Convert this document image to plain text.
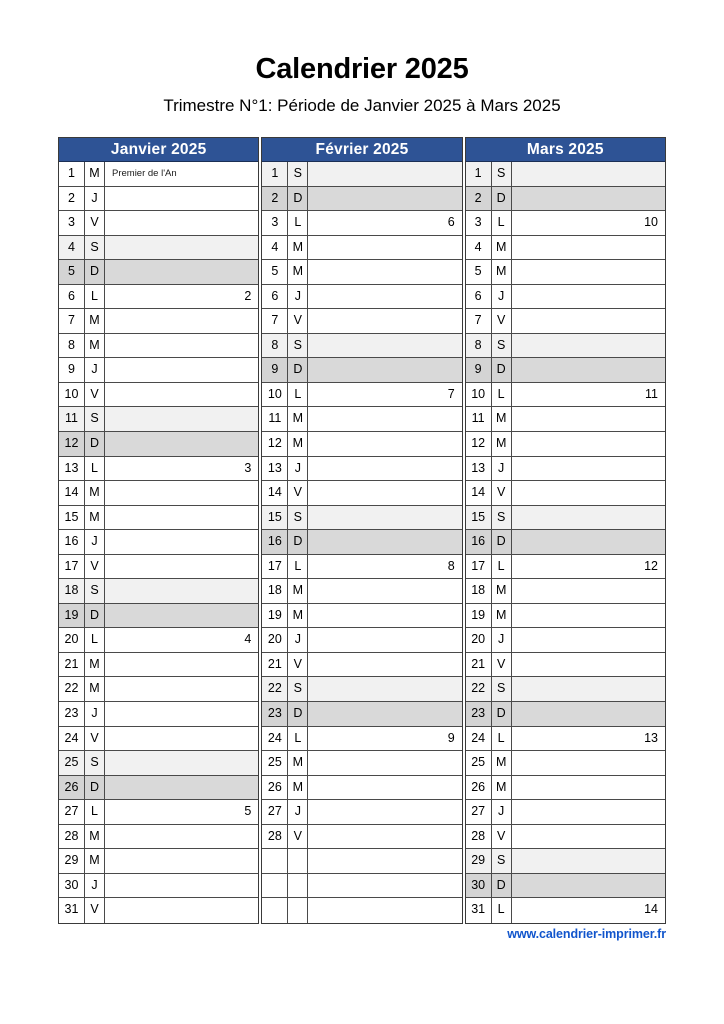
Calendrier 2025
Trimestre N°1: Période de Janvier 2025 à Mars 2025
Janvier 2025
1	M	Premier de l'An
2	J
3	V
4	S
5	D
6	L	2
7	M
8	M
9	J
10 V
11 S
12 D
13	L	3
14 M
15 M
16	J
17 V
18 S
19 D
20	L	4
21 M
22 M
23	J
24 V
25 S
26 D
27	L	5
28 M
29 M
30	J
31 V
Février 2025
1	S
2	D
3	L	6
4	M
5	M
6	J
7	V
8	S
9	D
10	L	7
11 M
12 M
13	J
14 V
15 S
16 D
17	L	8
18 M
19 M
20	J
21 V
22 S
23 D
24	L	9
25 M
26 M
27	J
28 V
Mars 2025
1	S
2	D
3	L	10
4	M
5	M
6	J
7	V
8	S
9	D
10	L	11
11 M
12 M
13	J
14 V
15 S
16 D
17	L	12
18 M
19 M
20	J
21 V
22 S
23 D
24	L	13
25 M
26 M
27	J
28 V
29 S
30 D
31	L	14
www.calendrier-imprimer.fr
